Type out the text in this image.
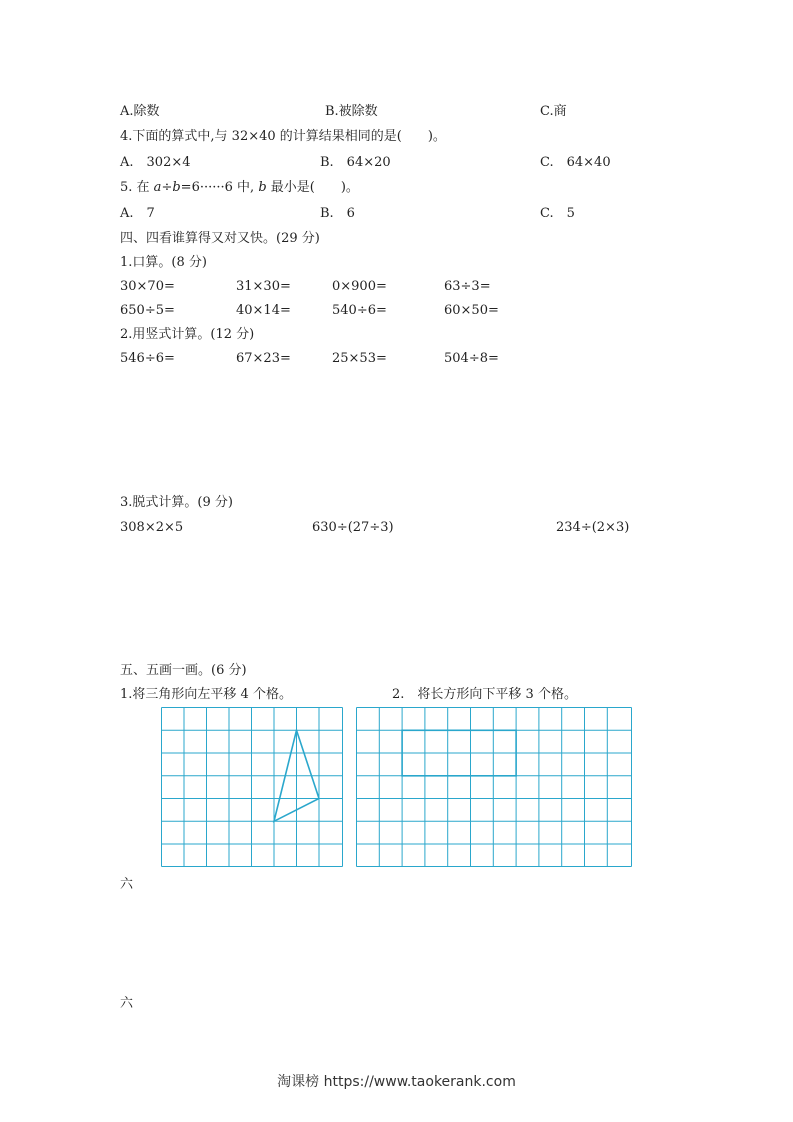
A.除数	B.被除数	C.商
4.下面的算式中,与 32×40 的计算结果相同的是(　　)。
A.　302×4	B.　64×20	C.　64×40
5. 在 a÷b=6······6 中, b 最小是(　　)。
A.　7	B.　6	C.　5
四、四看谁算得又对又快。(29 分)
1.口算。(8 分)
30×70=	31×30=	0×900=	63÷3=
650÷5=	40×14=	540÷6=	60×50=
2.用竖式计算。(12 分)
546÷6=	67×23=	25×53=	504÷8=
3.脱式计算。(9 分)
308×2×5	630÷(27÷3)	234÷(2×3)
五、五画一画。(6 分)
1.将三角形向左平移 4 个格。	2.　将长方形向下平移 3 个格。
六
六
淘课榜 https://www.taokerank.com
